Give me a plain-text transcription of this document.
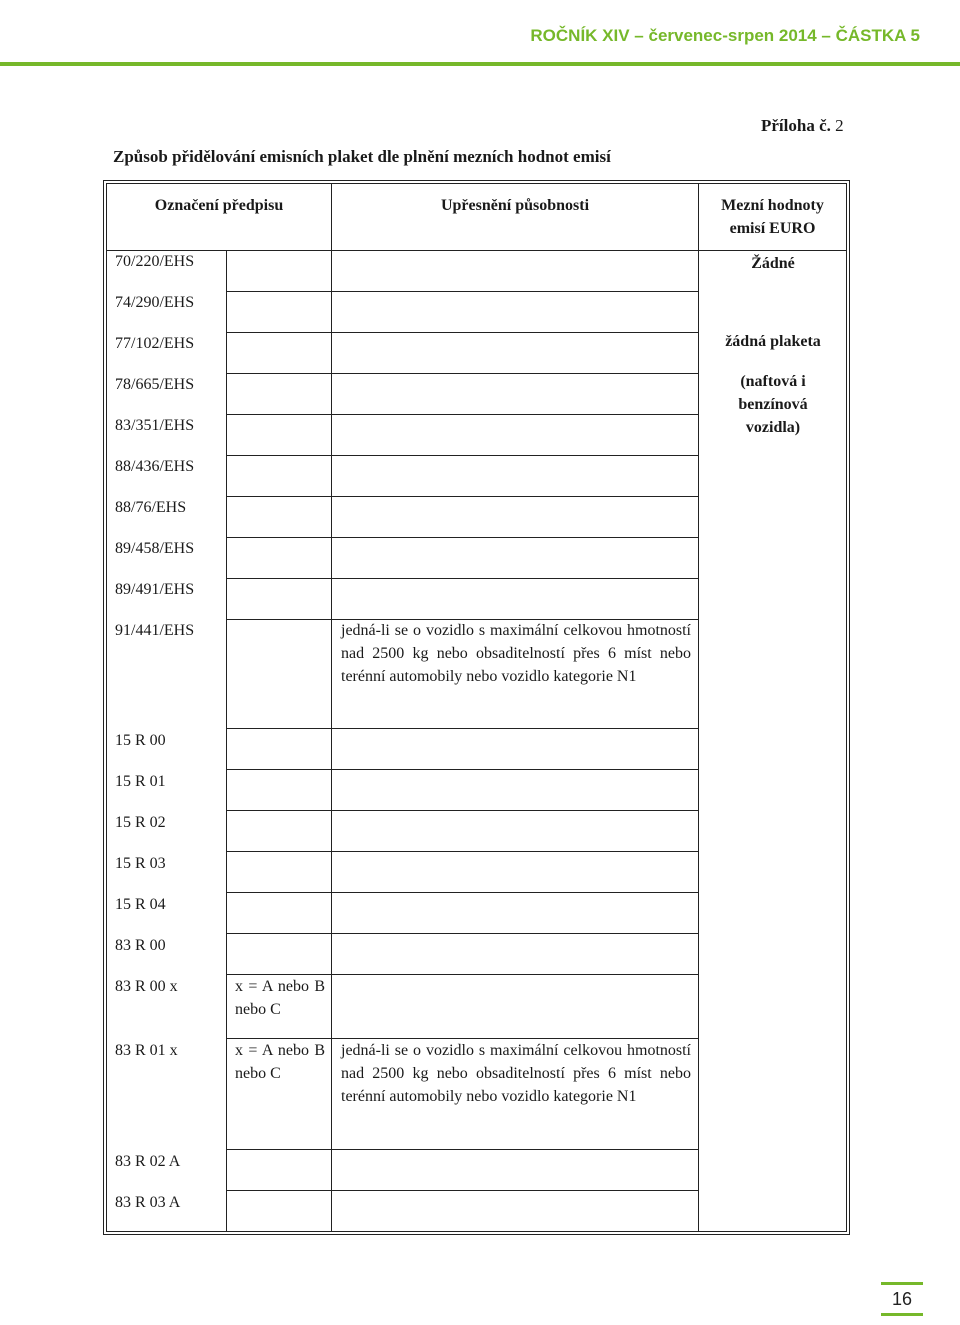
ROČNÍK XIV – červenec-srpen 2014 – ČÁSTKA 5
Příloha č. 2
Způsob přidělování emisních plaket dle plnění mezních hodnot emisí
Označení předpisu	Upřesnění působnosti	Mezní hodnoty
emisí EURO
70/220/EHS
74/290/EHS
77/102/EHS
78/665/EHS
83/351/EHS
88/436/EHS
88/76/EHS
89/458/EHS
89/491/EHS
91/441/EHS
15 R 00
15 R 01
15 R 02
15 R 03
15 R 04
83 R 00
83 R 00 x
83 R 01 x
83 R 02 A
83 R 03 A
x = A nebo B nebo C
x = A nebo B nebo C
jedná-li se o vozidlo s maximální celkovou hmotností nad 2500 kg nebo obsaditelností přes 6 míst nebo terénní automobily nebo vozidlo kategorie N1
jedná-li se o vozidlo s maximální celkovou hmotností nad 2500 kg nebo obsaditelností přes 6 míst nebo terénní automobily nebo vozidlo kategorie N1
Žádné
žádná plaketa
(naftová i
benzínová
vozidla)
16
